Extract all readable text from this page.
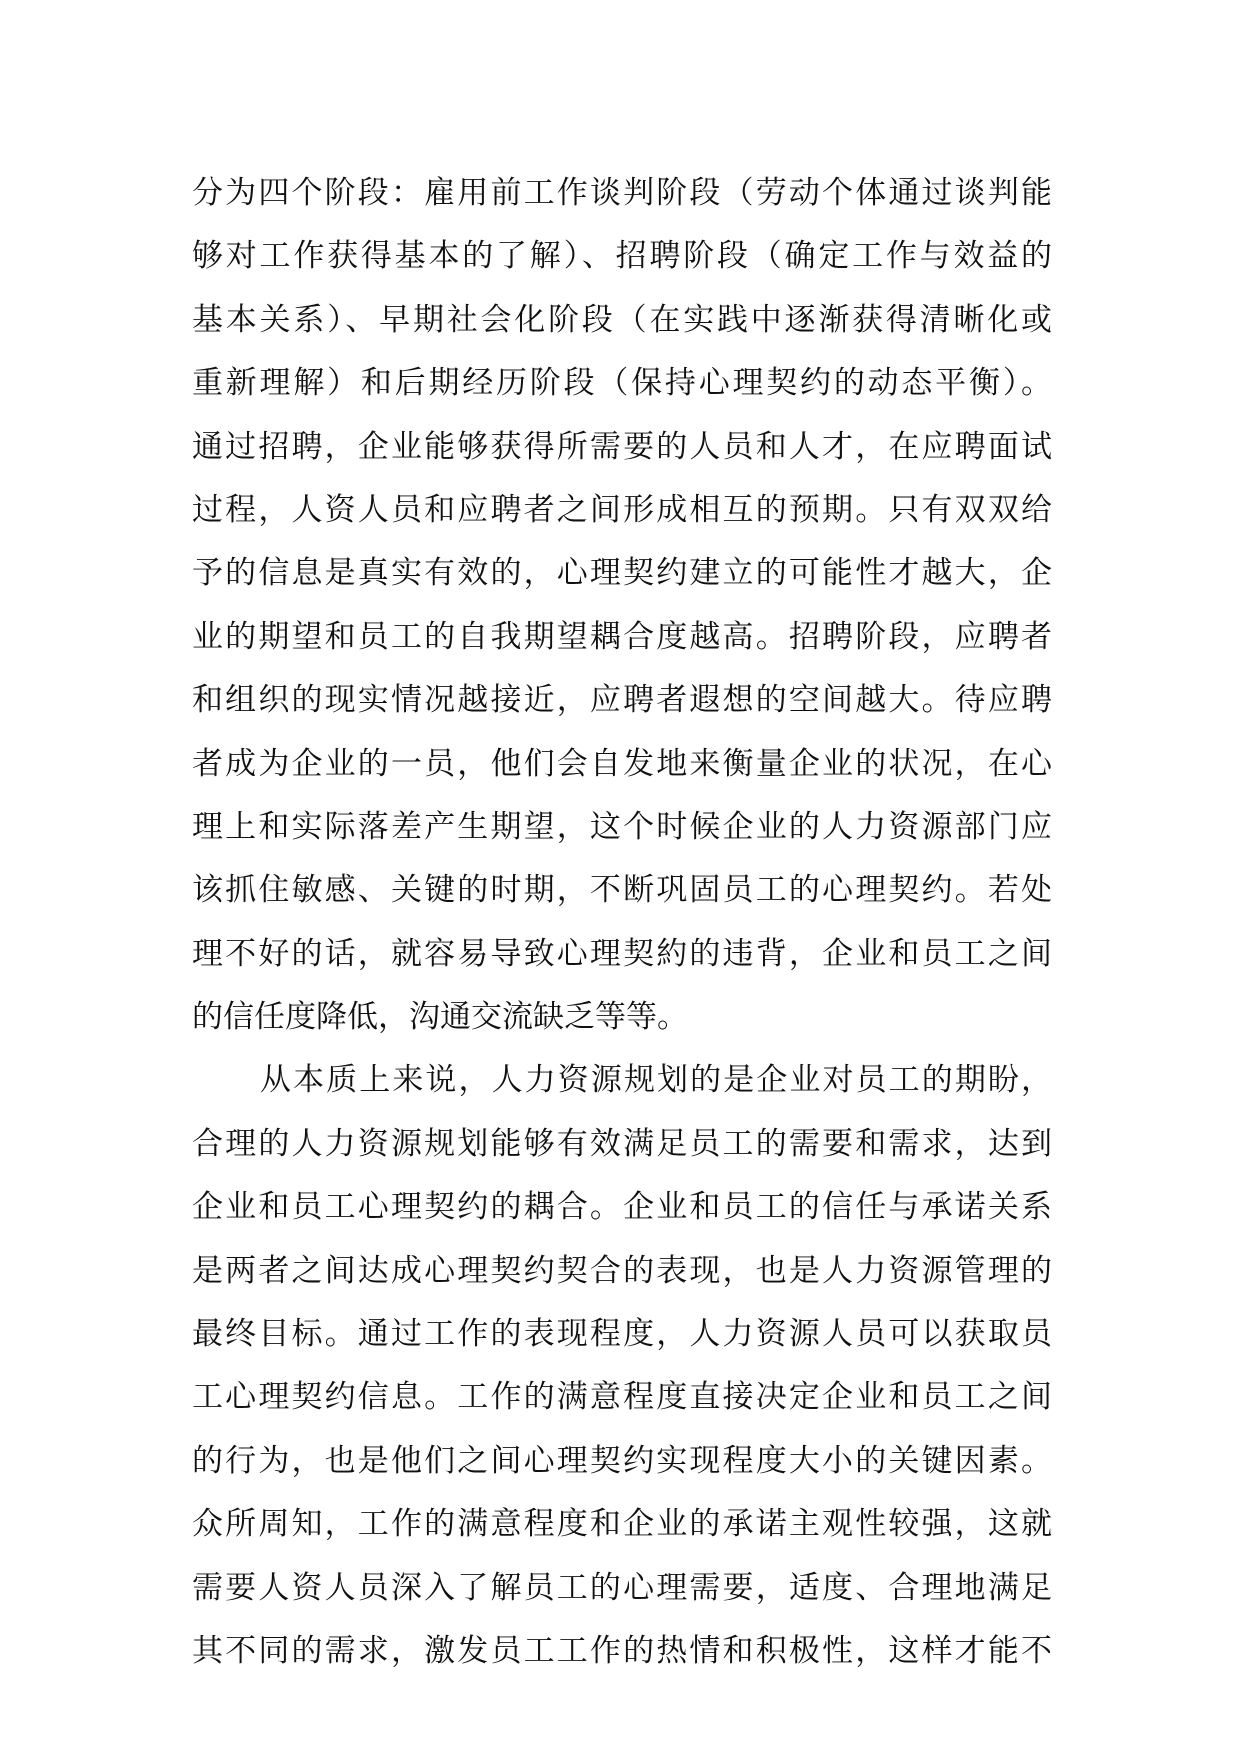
分为四个阶段：雇用前工作谈判阶段（劳动个体通过谈判能
够对工作获得基本的了解）、招聘阶段（确定工作与效益的
基本关系）、早期社会化阶段（在实践中逐渐获得清晰化或
重新理解）和后期经历阶段（保持心理契约的动态平衡）。
通过招聘，企业能够获得所需要的人员和人才，在应聘面试
过程，人资人员和应聘者之间形成相互的预期。只有双双给
予的信息是真实有效的，心理契约建立的可能性才越大，企
业的期望和员工的自我期望耦合度越高。招聘阶段，应聘者
和组织的现实情况越接近，应聘者遐想的空间越大。待应聘
者成为企业的一员，他们会自发地来衡量企业的状况，在心
理上和实际落差产生期望，这个时候企业的人力资源部门应
该抓住敏感、关键的时期，不断巩固员工的心理契约。若处
理不好的话，就容易导致心理契約的违背，企业和员工之间
的信任度降低，沟通交流缺乏等等。
从本质上来说，人力资源规划的是企业对员工的期盼，
合理的人力资源规划能够有效满足员工的需要和需求，达到
企业和员工心理契约的耦合。企业和员工的信任与承诺关系
是两者之间达成心理契约契合的表现，也是人力资源管理的
最终目标。通过工作的表现程度，人力资源人员可以获取员
工心理契约信息。工作的满意程度直接决定企业和员工之间
的行为，也是他们之间心理契约实现程度大小的关键因素。
众所周知，工作的满意程度和企业的承诺主观性较强，这就
需要人资人员深入了解员工的心理需要，适度、合理地满足
其不同的需求，激发员工工作的热情和积极性，这样才能不
